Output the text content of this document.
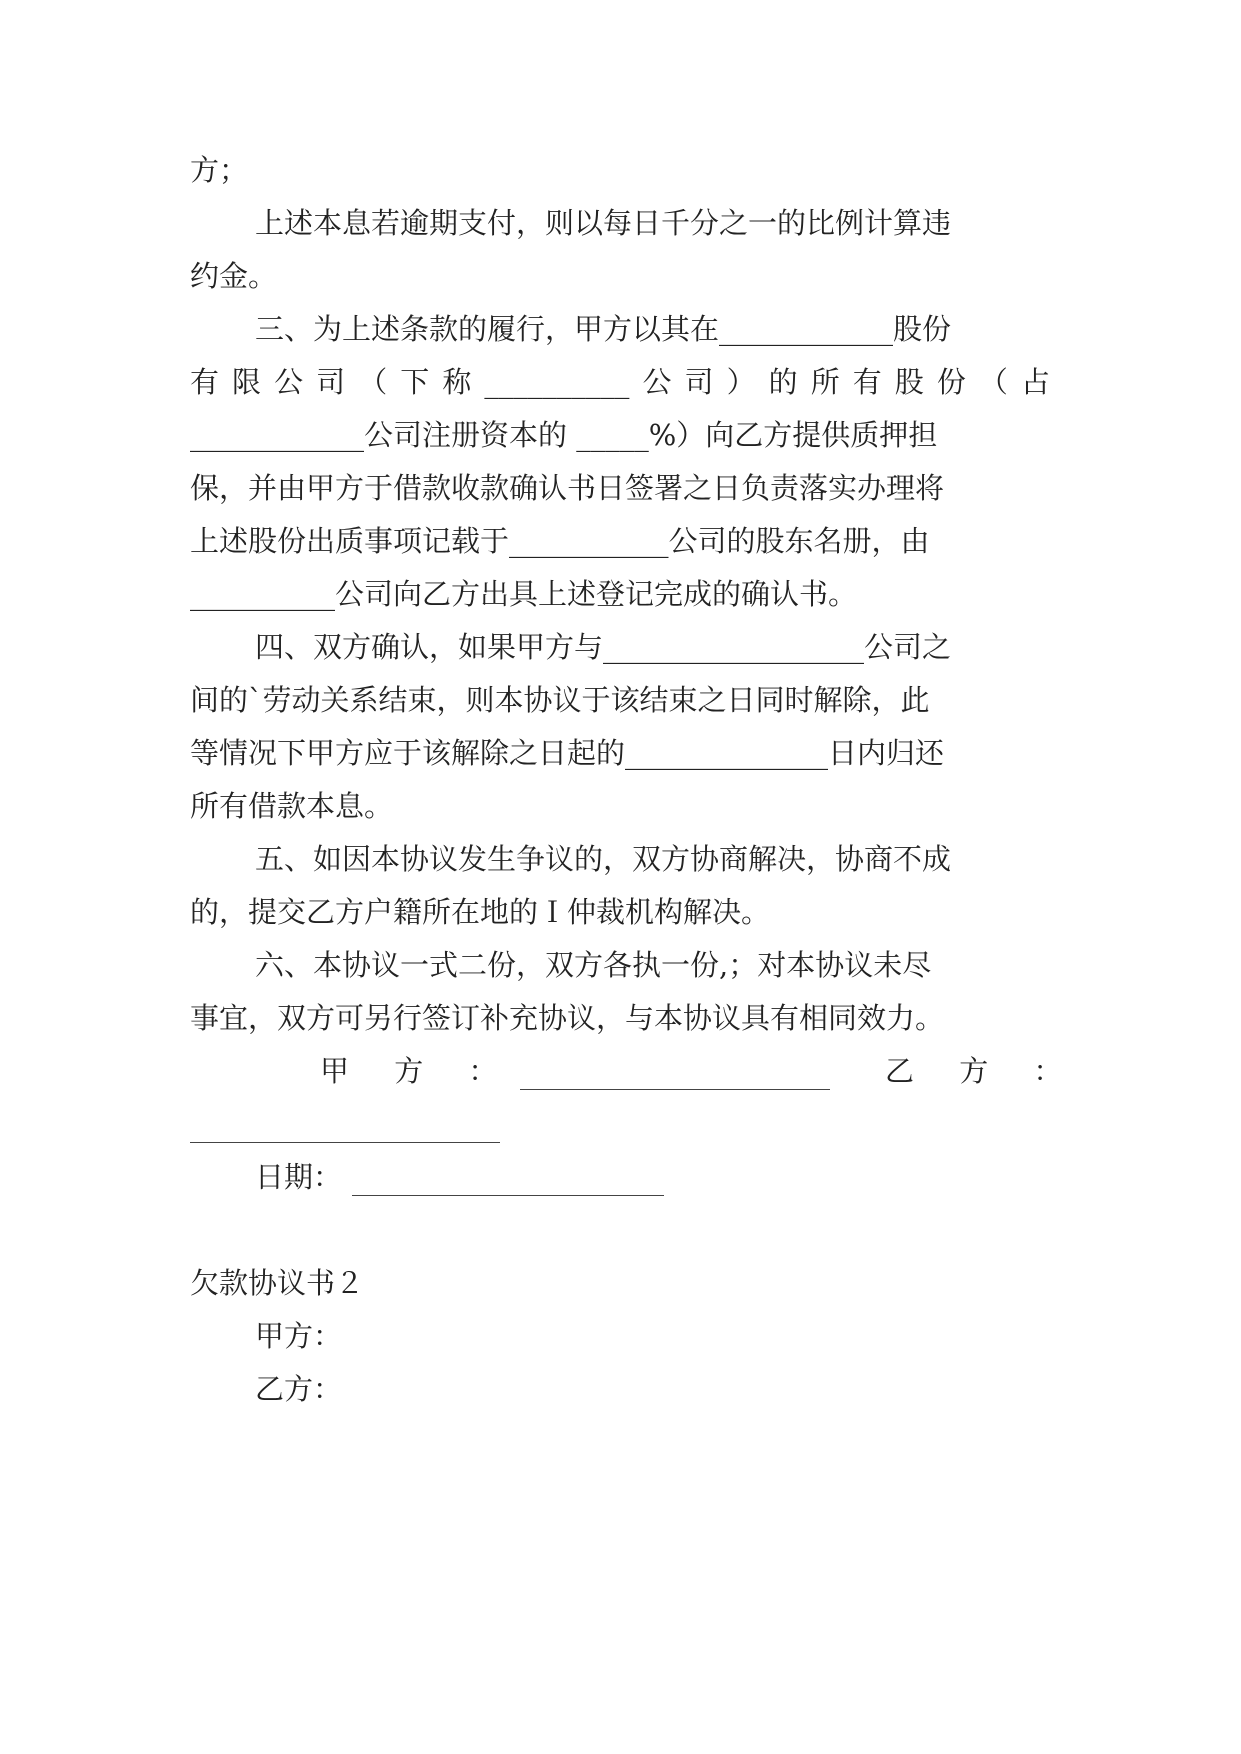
方；

上述本息若逾期支付，则以每日千分之一的比例计算违

约金。

三、为上述条款的履行，甲方以其在____________股份

有限公司（下称__________公司）的所有股份（占

____________公司注册资本的 _____%）向乙方提供质押担

保，并由甲方于借款收款确认书日签署之日负责落实办理将

上述股份出质事项记载于___________公司的股东名册，由

__________公司向乙方出具上述登记完成的确认书。

四、双方确认，如果甲方与__________________公司之

间的`劳动关系结束，则本协议于该结束之日同时解除，此

等情况下甲方应于该解除之日起的______________日内归还

所有借款本息。

五、如因本协议发生争议的，双方协商解决，协商不成

的，提交乙方户籍所在地的Ｉ仲裁机构解决。

六、本协议一式二份，双方各执一份,；对本协议未尽

事宜，双方可另行签订补充协议，与本协议具有相同效力。

甲 方 ：	乙 方 ：

日期：

欠款协议书２

甲方：

乙方：
